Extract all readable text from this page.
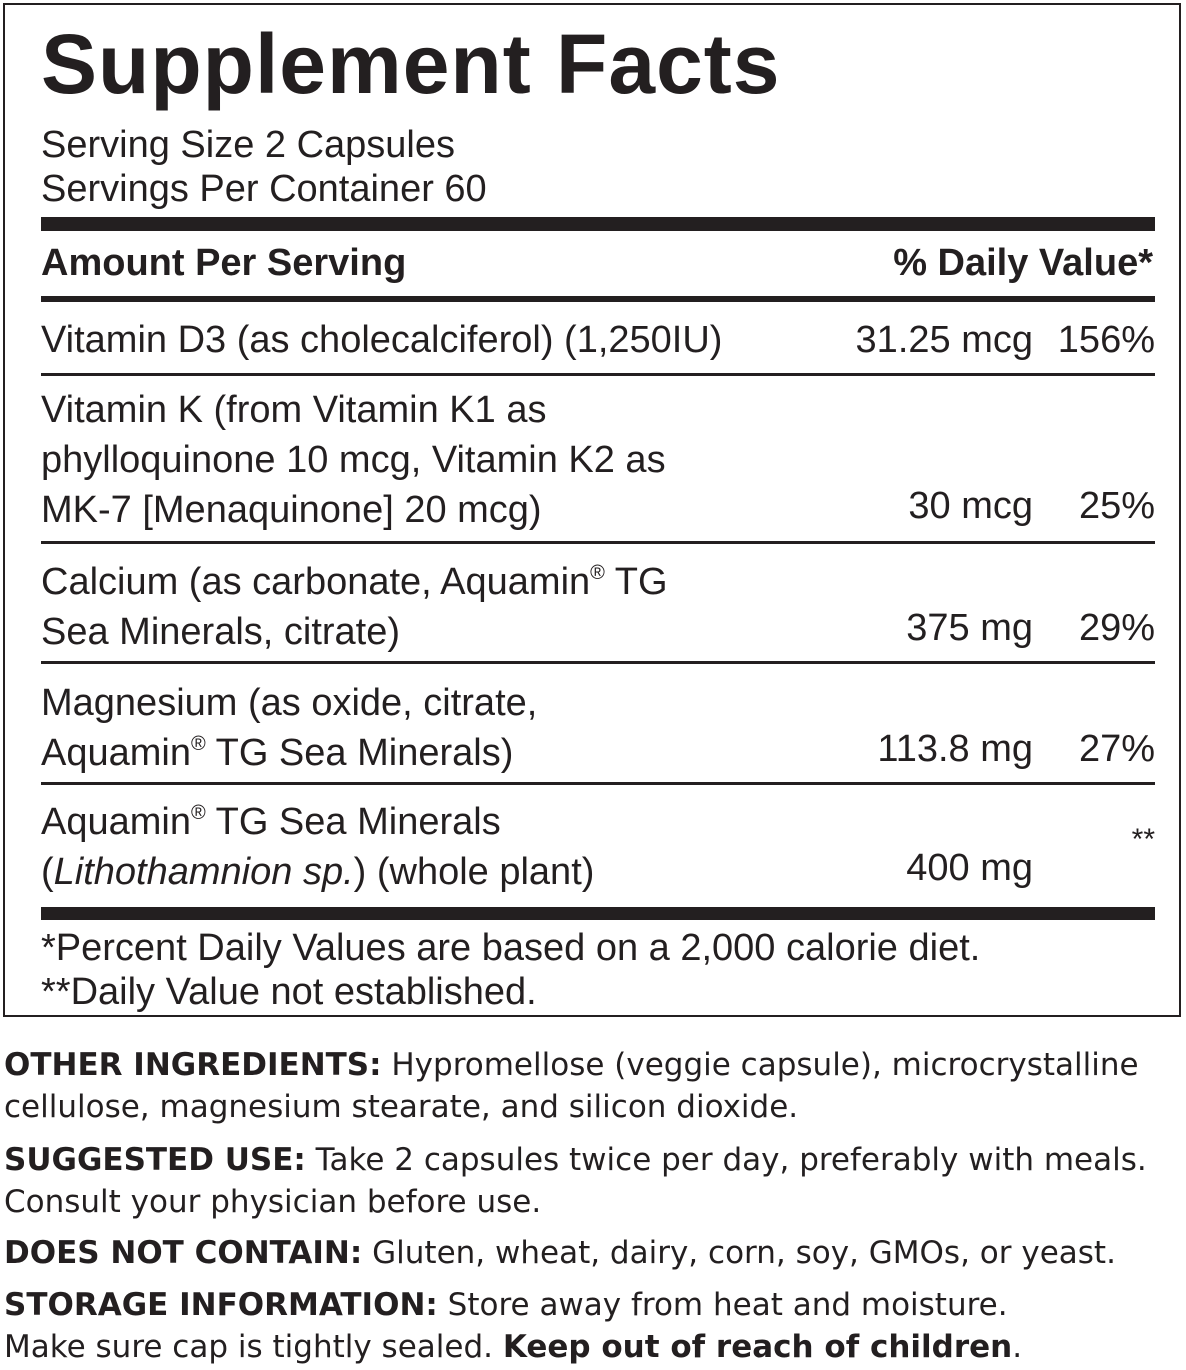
Supplement Facts
Serving Size 2 Capsules
Servings Per Container 60
Amount Per Serving	% Daily Value*
Vitamin D3 (as cholecalciferol) (1,250IU)	31.25 mcg 156%
Vitamin K (from Vitamin K1 as
phylloquinone 10 mcg, Vitamin K2 as
MK-7 [Menaquinone] 20 mcg)	30 mcg 25%
Calcium (as carbonate, Aquamin® TG
Sea Minerals, citrate)	375 mg 29%
Magnesium (as oxide, citrate,
Aquamin® TG Sea Minerals)	113.8 mg 27%
Aquamin® TG Sea Minerals
(Lithothamnion sp.) (whole plant)	400 mg
**
*Percent Daily Values are based on a 2,000 calorie diet.
**Daily Value not established.
OTHER INGREDIENTS: Hypromellose (veggie capsule), microcrystalline
cellulose, magnesium stearate, and silicon dioxide.
SUGGESTED USE: Take 2 capsules twice per day, preferably with meals.
Consult your physician before use.
DOES NOT CONTAIN: Gluten, wheat, dairy, corn, soy, GMOs, or yeast.
STORAGE INFORMATION: Store away from heat and moisture.
Make sure cap is tightly sealed. Keep out of reach of children.
